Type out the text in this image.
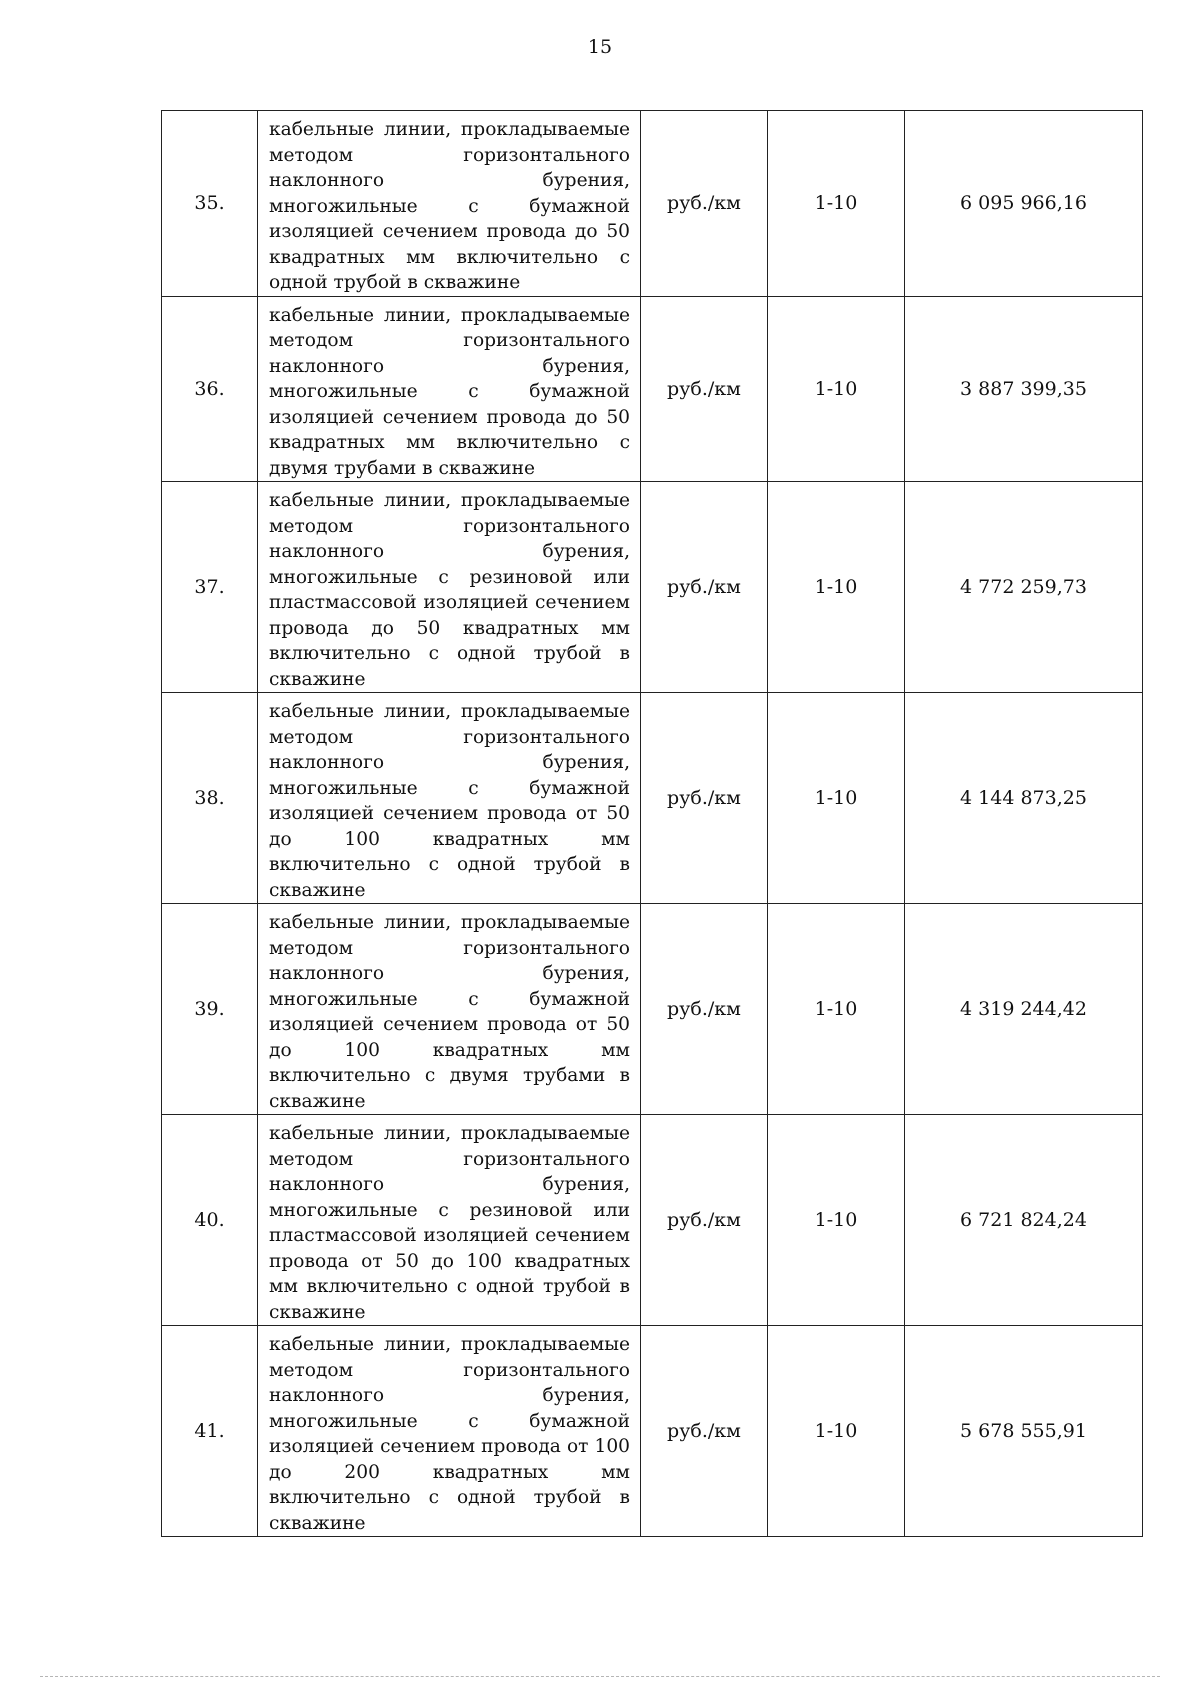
15
35.	кабельные линии, прокладываемые методом горизонтального наклонного бурения, многожильные с бумажной изоляцией сечением провода до 50 квадратных мм включительно с одной трубой в скважине	руб./км	1-10	6 095 966,16
36.	кабельные линии, прокладываемые методом горизонтального наклонного бурения, многожильные с бумажной изоляцией сечением провода до 50 квадратных мм включительно с двумя трубами в скважине	руб./км	1-10	3 887 399,35
37.	кабельные линии, прокладываемые методом горизонтального наклонного бурения, многожильные с резиновой или пластмассовой изоляцией сечением провода до 50 квадратных мм включительно с одной трубой в скважине	руб./км	1-10	4 772 259,73
38.	кабельные линии, прокладываемые методом горизонтального наклонного бурения, многожильные с бумажной изоляцией сечением провода от 50 до 100 квадратных мм включительно с одной трубой в скважине	руб./км	1-10	4 144 873,25
39.	кабельные линии, прокладываемые методом горизонтального наклонного бурения, многожильные с бумажной изоляцией сечением провода от 50 до 100 квадратных мм включительно с двумя трубами в скважине	руб./км	1-10	4 319 244,42
40.	кабельные линии, прокладываемые методом горизонтального наклонного бурения, многожильные с резиновой или пластмассовой изоляцией сечением провода от 50 до 100 квадратных мм включительно с одной трубой в скважине	руб./км	1-10	6 721 824,24
41.	кабельные линии, прокладываемые методом горизонтального наклонного бурения, многожильные с бумажной изоляцией сечением провода от 100 до 200 квадратных мм включительно с одной трубой в скважине	руб./км	1-10	5 678 555,91
